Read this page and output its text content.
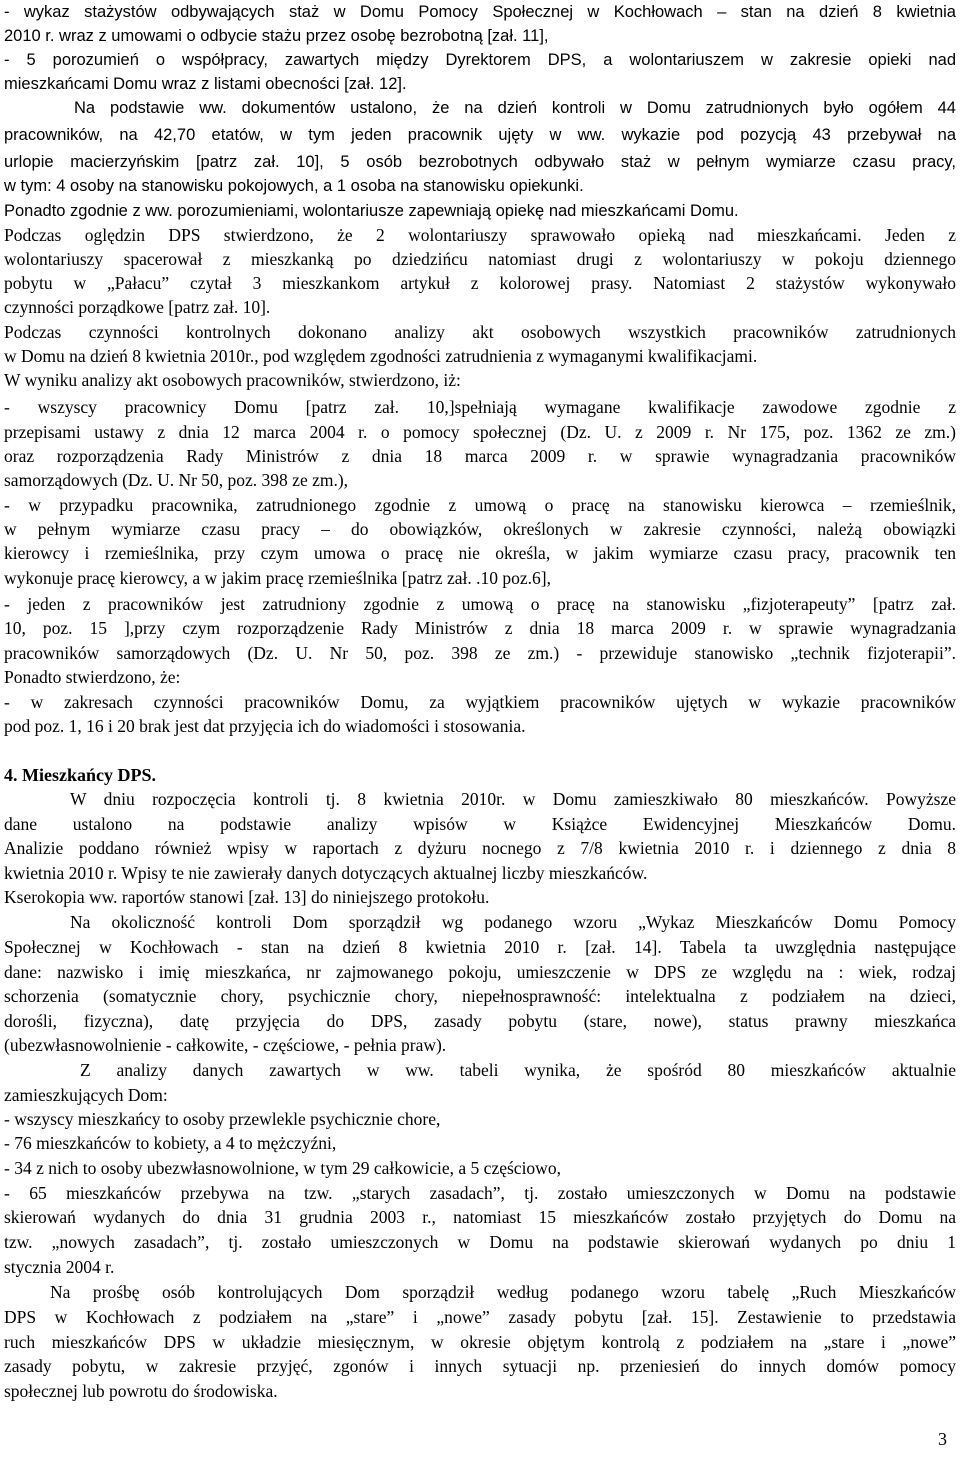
- wykaz stażystów odbywających staż w Domu Pomocy Społecznej w Kochłowach – stan na dzień 8 kwietnia
2010 r. wraz z umowami o odbycie stażu przez osobę bezrobotną [zał. 11],
- 5 porozumień o współpracy, zawartych między Dyrektorem DPS, a wolontariuszem w zakresie opieki nad
mieszkańcami Domu wraz z listami obecności [zał. 12].
Na podstawie ww. dokumentów ustalono, że na dzień kontroli w Domu zatrudnionych było ogółem 44
pracowników, na 42,70 etatów, w tym jeden pracownik ujęty w ww. wykazie pod pozycją 43 przebywał na
urlopie macierzyńskim [patrz zał. 10], 5 osób bezrobotnych odbywało staż w pełnym wymiarze czasu pracy,
w tym: 4 osoby na stanowisku pokojowych, a 1 osoba na stanowisku opiekunki.
Ponadto zgodnie z ww. porozumieniami, wolontariusze zapewniają opiekę nad mieszkańcami Domu.
Podczas oględzin DPS stwierdzono, że 2 wolontariuszy sprawowało opieką nad mieszkańcami. Jeden z
wolontariuszy spacerował z mieszkanką po dziedzińcu natomiast drugi z wolontariuszy w pokoju dziennego
pobytu w „Pałacu” czytał 3 mieszkankom artykuł z kolorowej prasy. Natomiast 2 stażystów wykonywało
czynności porządkowe [patrz zał. 10].
Podczas czynności kontrolnych dokonano analizy akt osobowych wszystkich pracowników zatrudnionych
w Domu na dzień 8 kwietnia 2010r., pod względem zgodności zatrudnienia z wymaganymi kwalifikacjami.
W wyniku analizy akt osobowych pracowników, stwierdzono, iż:
- wszyscy pracownicy Domu [patrz zał. 10,]spełniają wymagane kwalifikacje zawodowe zgodnie z
przepisami ustawy z dnia 12 marca 2004 r. o pomocy społecznej (Dz. U. z 2009 r. Nr 175, poz. 1362 ze zm.)
oraz rozporządzenia Rady Ministrów z dnia 18 marca 2009 r. w sprawie wynagradzania pracowników
samorządowych (Dz. U. Nr 50, poz. 398 ze zm.),
- w przypadku pracownika, zatrudnionego zgodnie z umową o pracę na stanowisku kierowca – rzemieślnik,
w pełnym wymiarze czasu pracy – do obowiązków, określonych w zakresie czynności, należą obowiązki
kierowcy i rzemieślnika, przy czym umowa o pracę nie określa, w jakim wymiarze czasu pracy, pracownik ten
wykonuje pracę kierowcy, a w jakim pracę rzemieślnika [patrz zał. .10 poz.6],
- jeden z pracowników jest zatrudniony zgodnie z umową o pracę na stanowisku „fizjoterapeuty” [patrz zał.
10, poz. 15 ],przy czym rozporządzenie Rady Ministrów z dnia 18 marca 2009 r. w sprawie wynagradzania
pracowników samorządowych (Dz. U. Nr 50, poz. 398 ze zm.) - przewiduje stanowisko „technik fizjoterapii”.
Ponadto stwierdzono, że:
- w zakresach czynności pracowników Domu, za wyjątkiem pracowników ujętych w wykazie pracowników
pod poz. 1, 16 i 20 brak jest dat przyjęcia ich do wiadomości i stosowania.
4. Mieszkańcy DPS.
W dniu rozpoczęcia kontroli tj. 8 kwietnia 2010r. w Domu zamieszkiwało 80 mieszkańców. Powyższe
dane ustalono na podstawie analizy wpisów w Książce Ewidencyjnej Mieszkańców Domu.
Analizie poddano również wpisy w raportach z dyżuru nocnego z 7/8 kwietnia 2010 r. i dziennego z dnia 8
kwietnia 2010 r. Wpisy te nie zawierały danych dotyczących aktualnej liczby mieszkańców.
Kserokopia ww. raportów stanowi [zał. 13] do niniejszego protokołu.
Na okoliczność kontroli Dom sporządził wg podanego wzoru „Wykaz Mieszkańców Domu Pomocy
Społecznej w Kochłowach - stan na dzień 8 kwietnia 2010 r. [zał. 14]. Tabela ta uwzględnia następujące
dane: nazwisko i imię mieszkańca, nr zajmowanego pokoju, umieszczenie w DPS ze względu na : wiek, rodzaj
schorzenia (somatycznie chory, psychicznie chory, niepełnosprawność: intelektualna z podziałem na dzieci,
dorośli, fizyczna), datę przyjęcia do DPS, zasady pobytu (stare, nowe), status prawny mieszkańca
(ubezwłasnowolnienie - całkowite, - częściowe, - pełnia praw).
Z analizy danych zawartych w ww. tabeli wynika, że spośród 80 mieszkańców aktualnie
zamieszkujących Dom:
- wszyscy mieszkańcy to osoby przewlekle psychicznie chore,
- 76 mieszkańców to kobiety, a 4 to mężczyźni,
- 34 z nich to osoby ubezwłasnowolnione, w tym 29 całkowicie, a 5 częściowo,
- 65 mieszkańców przebywa na tzw. „starych zasadach”, tj. zostało umieszczonych w Domu na podstawie
skierowań wydanych do dnia 31 grudnia 2003 r., natomiast 15 mieszkańców zostało przyjętych do Domu na
tzw. „nowych zasadach”, tj. zostało umieszczonych w Domu na podstawie skierowań wydanych po dniu 1
stycznia 2004 r.
Na prośbę osób kontrolujących Dom sporządził według podanego wzoru tabelę „Ruch Mieszkańców
DPS w Kochłowach z podziałem na „stare” i „nowe” zasady pobytu [zał. 15]. Zestawienie to przedstawia
ruch mieszkańców DPS w układzie miesięcznym, w okresie objętym kontrolą z podziałem na „stare i „nowe”
zasady pobytu, w zakresie przyjęć, zgonów i innych sytuacji np. przeniesień do innych domów pomocy
społecznej lub powrotu do środowiska.
3
